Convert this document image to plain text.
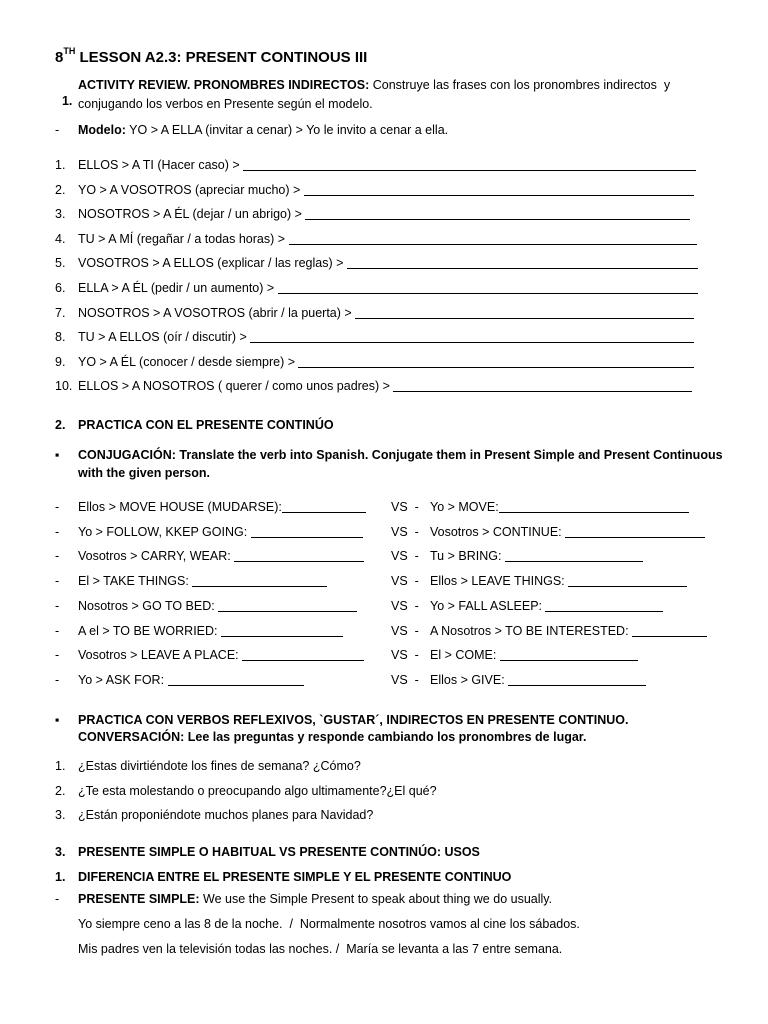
8TH LESSON A2.3: PRESENT CONTINOUS III

1.

ACTIVITY REVIEW. PRONOMBRES INDIRECTOS: Construye las frases con los pronombres indirectos  y
conjugando los verbos en Presente según el modelo.
- Modelo: YO > A ELLA (invitar a cenar) > Yo le invito a cenar a ella.
1.	ELLOS > A TI (Hacer caso) >
2.	YO > A VOSOTROS (apreciar mucho) >
3.	NOSOTROS > A ÉL (dejar / un abrigo) >
4.	TU > A MÍ (regañar / a todas horas) >
5.	VOSOTROS > A ELLOS (explicar / las reglas) >
6.	ELLA > A ÉL (pedir / un aumento) >
7.	NOSOTROS > A VOSOTROS (abrir / la puerta) >
8.	TU > A ELLOS (oír / discutir) >
9.	YO > A ÉL (conocer / desde siempre) >
10. ELLOS > A NOSOTROS ( querer / como unos padres) >
2. PRACTICA CON EL PRESENTE CONTINÚO
▪ CONJUGACIÓN: Translate the verb into Spanish. Conjugate them in Present Simple and Present Continuous
with the given person.
- Ellos > MOVE HOUSE (MUDARSE):	VS  - Yo > MOVE:
- Yo > FOLLOW, KKEP GOING:	VS  - Vosotros > CONTINUE:
- Vosotros > CARRY, WEAR:	VS  - Tu > BRING:
- El > TAKE THINGS:	VS  - Ellos > LEAVE THINGS:
- Nosotros > GO TO BED:	VS  - Yo > FALL ASLEEP:
- A el > TO BE WORRIED:	VS  - A Nosotros > TO BE INTERESTED:
- Vosotros > LEAVE A PLACE:	VS  - El > COME:
- Yo > ASK FOR:	VS  - Ellos > GIVE:
▪ PRACTICA CON VERBOS REFLEXIVOS, `GUSTAR´, INDIRECTOS EN PRESENTE CONTINUO.
CONVERSACIÓN: Lee las preguntas y responde cambiando los pronombres de lugar.
1. ¿Estas divirtiéndote los fines de semana? ¿Cómo?
2. ¿Te esta molestando o preocupando algo ultimamente?¿El qué?
3. ¿Están proponiéndote muchos planes para Navidad?
3. PRESENTE SIMPLE O HABITUAL VS PRESENTE CONTINÚO: USOS
1. DIFERENCIA ENTRE EL PRESENTE SIMPLE Y EL PRESENTE CONTINUO
- PRESENTE SIMPLE: We use the Simple Present to speak about thing we do usually.
Yo siempre ceno a las 8 de la noche.  /  Normalmente nosotros vamos al cine los sábados.
Mis padres ven la televisión todas las noches. /  María se levanta a las 7 entre semana.
